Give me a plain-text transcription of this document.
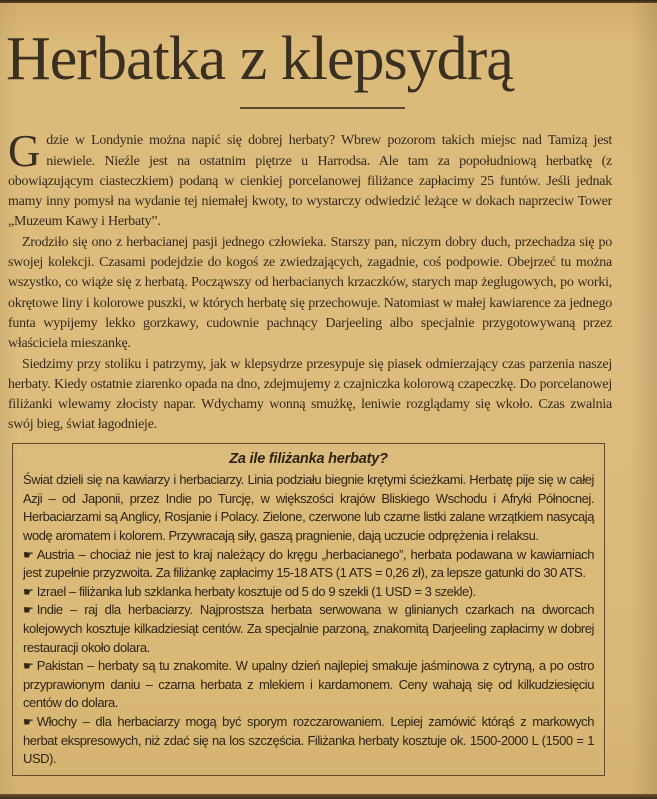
Herbatka z klepsydrą

Gdzie w Londynie można napić się dobrej herbaty? Wbrew pozorom takich miejsc nad Tamizą jest niewiele. Nieźle jest na ostatnim piętrze u Harrodsa. Ale tam za popołudniową herbatkę (z obowiązującym ciasteczkiem) podaną w cienkiej porcelanowej filiżance zapłacimy 25 funtów. Jeśli jednak mamy inny pomysł na wydanie tej niemałej kwoty, to wystarczy odwiedzić leżące w dokach naprzeciw Tower „Muzeum Kawy i Herbaty”.

Zrodziło się ono z herbacianej pasji jednego człowieka. Starszy pan, niczym dobry duch, przechadza się po swojej kolekcji. Czasami podejdzie do kogoś ze zwiedzających, zagadnie, coś podpowie. Obejrzeć tu można wszystko, co wiąże się z herbatą. Począwszy od herbacianych krzaczków, starych map żeglugowych, po worki, okrętowe liny i kolorowe puszki, w których herbatę się przechowuje. Natomiast w małej kawiarence za jednego funta wypijemy lekko gorzkawy, cudownie pachnący Darjeeling albo specjalnie przygotowywaną przez właściciela mieszankę.

Siedzimy przy stoliku i patrzymy, jak w klepsydrze przesypuje się piasek odmierzający czas parzenia naszej herbaty. Kiedy ostatnie ziarenko opada na dno, zdejmujemy z czajniczka kolorową czapeczkę. Do porcelanowej filiżanki wlewamy złocisty napar. Wdychamy wonną smużkę, leniwie rozglądamy się wkoło. Czas zwalnia swój bieg, świat łagodnieje.

Za ile filiżanka herbaty?

Świat dzieli się na kawiarzy i herbaciarzy. Linia podziału biegnie krętymi ścieżkami. Herbatę pije się w całej Azji – od Japonii, przez Indie po Turcję, w większości krajów Bliskiego Wschodu i Afryki Północnej. Herbaciarzami są Anglicy, Rosjanie i Polacy. Zielone, czerwone lub czarne listki zalane wrzątkiem nasycają wodę aromatem i kolorem. Przywracają siły, gaszą pragnienie, dają uczucie odprężenia i relaksu.

☛ Austria – chociaż nie jest to kraj należący do kręgu „herbacianego”, herbata podawana w kawiarniach jest zupełnie przyzwoita. Za filiżankę zapłacimy 15-18 ATS (1 ATS = 0,26 zł), za lepsze gatunki do 30 ATS.

☛ Izrael – filiżanka lub szklanka herbaty kosztuje od 5 do 9 szekli (1 USD = 3 szekle).

☛ Indie – raj dla herbaciarzy. Najprostsza herbata serwowana w glinianych czarkach na dworcach kolejowych kosztuje kilkadziesiąt centów. Za specjalnie parzoną, znakomitą Darjeeling zapłacimy w dobrej restauracji około dolara.

☛ Pakistan – herbaty są tu znakomite. W upalny dzień najlepiej smakuje jaśminowa z cytryną, a po ostro przyprawionym daniu – czarna herbata z mlekiem i kardamonem. Ceny wahają się od kilkudziesięciu centów do dolara.

☛ Włochy – dla herbaciarzy mogą być sporym rozczarowaniem. Lepiej zamówić którąś z markowych herbat ekspresowych, niż zdać się na los szczęścia. Filiżanka herbaty kosztuje ok. 1500-2000 L (1500 = 1 USD).
